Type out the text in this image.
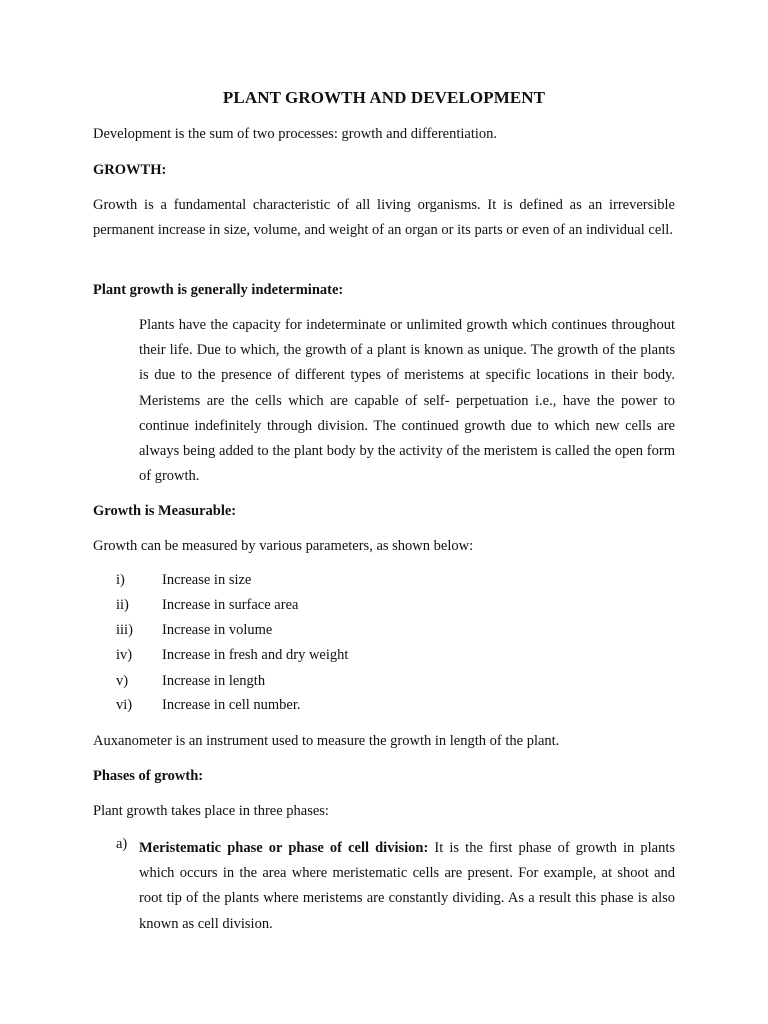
PLANT GROWTH AND DEVELOPMENT
Development is the sum of two processes: growth and differentiation.
GROWTH:
Growth is a fundamental characteristic of all living organisms. It is defined as an irreversible permanent increase in size, volume, and weight of an organ or its parts or even of an individual cell.
Plant growth is generally indeterminate:
Plants have the capacity for indeterminate or unlimited growth which continues throughout their life. Due to which, the growth of a plant is known as unique. The growth of the plants is due to the presence of different types of meristems at specific locations in their body. Meristems are the cells which are capable of self- perpetuation i.e., have the power to continue indefinitely through division. The continued growth due to which new cells are always being added to the plant body by the activity of the meristem is called the open form of growth.
Growth is Measurable:
Growth can be measured by various parameters, as shown below:
i)	Increase in size
ii) Increase in surface area
iii) Increase in volume
iv) Increase in fresh and dry weight
v) Increase in length
vi) Increase in cell number.
Auxanometer is an instrument used to measure the growth in length of the plant.
Phases of growth:
Plant growth takes place in three phases:
a) Meristematic phase or phase of cell division: It is the first phase of growth in plants which occurs in the area where meristematic cells are present. For example, at shoot and root tip of the plants where meristems are constantly dividing. As a result this phase is also known as cell division.
